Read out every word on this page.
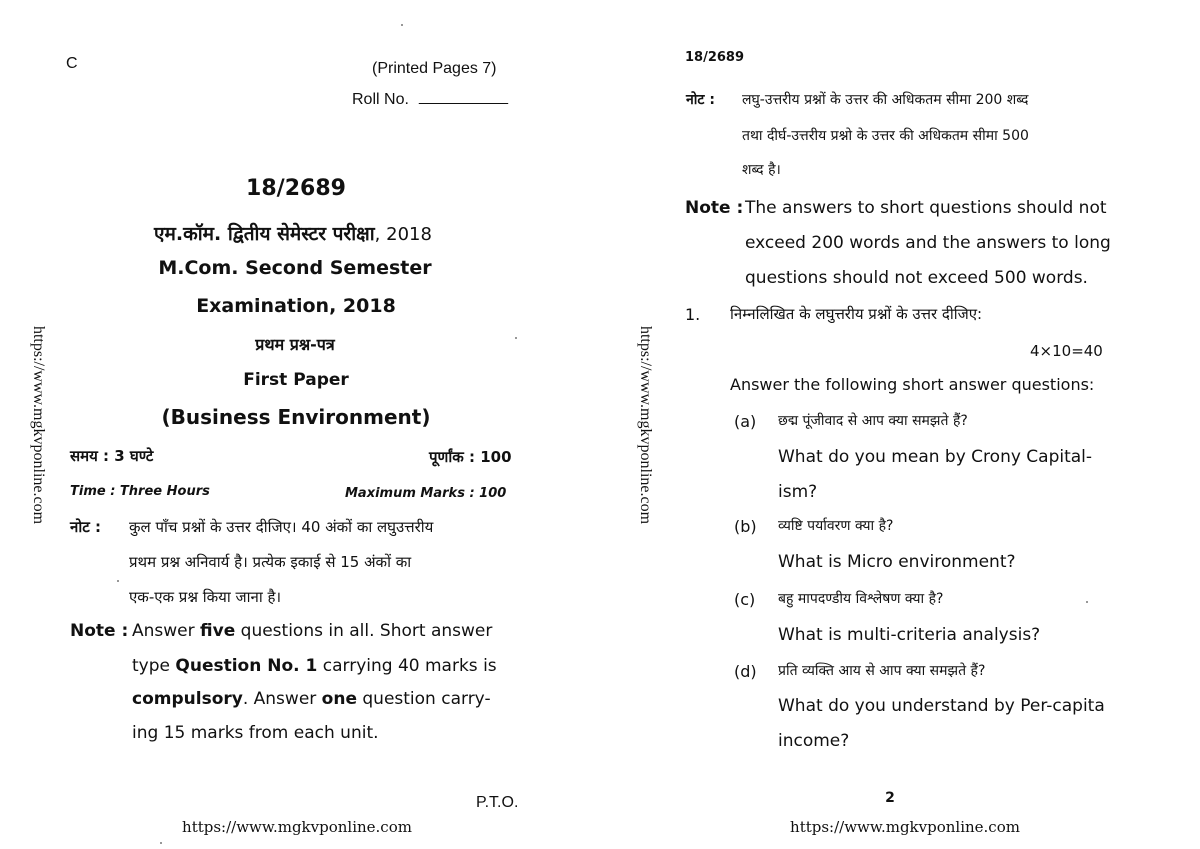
C	(Printed Pages 7)
Roll No. __________
18/2689
एम.कॉम. द्वितीय सेमेस्टर परीक्षा, 2018
M.Com. Second Semester
Examination, 2018
प्रथम प्रश्न-पत्र
First Paper
(Business Environment)
समय : 3 घण्टे	पूर्णांक : 100
Time : Three Hours	Maximum Marks : 100
नोट : कुल पाँच प्रश्नों के उत्तर दीजिए। 40 अंकों का लघुउत्तरीय
प्रथम प्रश्न अनिवार्य है। प्रत्येक इकाई से 15 अंकों का
एक-एक प्रश्न किया जाना है।
Note : Answer five questions in all. Short answer
type Question No. 1 carrying 40 marks is
compulsory. Answer one question carry-
ing 15 marks from each unit.
P.T.O.
https://www.mgkvponline.com
https://www.mgkvponline.com
18/2689
नोट : लघु-उत्तरीय प्रश्नों के उत्तर की अधिकतम सीमा 200 शब्द
तथा दीर्घ-उत्तरीय प्रश्नो के उत्तर की अधिकतम सीमा 500
शब्द है।
Note : The answers to short questions should not
exceed 200 words and the answers to long
questions should not exceed 500 words.
1. निम्नलिखित के लघुत्तरीय प्रश्नों के उत्तर दीजिए:
4×10=40
Answer the following short answer questions:
(a) छद्म पूंजीवाद से आप क्या समझते हैं?
What do you mean by Crony Capital-
ism?
(b) व्यष्टि पर्यावरण क्या है?
What is Micro environment?
(c) बहु मापदण्डीय विश्लेषण क्या है?
What is multi-criteria analysis?
(d) प्रति व्यक्ति आय से आप क्या समझते हैं?
What do you understand by Per-capita
income?
2
https://www.mgkvponline.com
https://www.mgkvponline.com
